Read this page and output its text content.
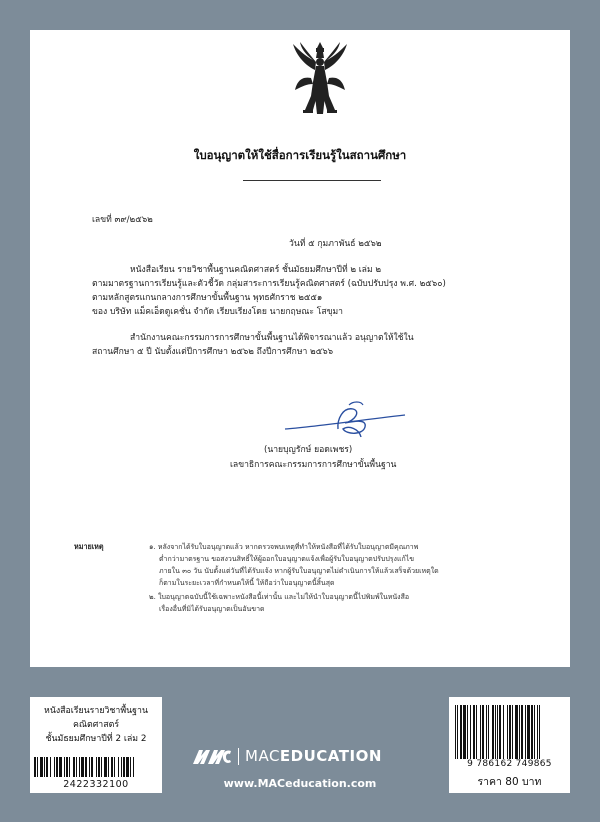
ใบอนุญาตให้ใช้สื่อการเรียนรู้ในสถานศึกษา
เลขที่ ๓๙/๒๕๖๒
วันที่ ๕ กุมภาพันธ์ ๒๕๖๒
หนังสือเรียน รายวิชาพื้นฐานคณิตศาสตร์ ชั้นมัธยมศึกษาปีที่ ๒ เล่ม ๒
ตามมาตรฐานการเรียนรู้และตัวชี้วัด กลุ่มสาระการเรียนรู้คณิตศาสตร์ (ฉบับปรับปรุง พ.ศ. ๒๕๖๐)
ตามหลักสูตรแกนกลางการศึกษาขั้นพื้นฐาน พุทธศักราช ๒๕๕๑
ของ บริษัท แม็คเอ็ดดูเคชั่น จำกัด เรียบเรียงโดย นายกฤษณะ โสขุมา
สำนักงานคณะกรรมการการศึกษาขั้นพื้นฐานได้พิจารณาแล้ว อนุญาตให้ใช้ใน
สถานศึกษา ๕ ปี นับตั้งแต่ปีการศึกษา ๒๕๖๒ ถึงปีการศึกษา ๒๕๖๖
(นายบุญรักษ์ ยอดเพชร)
เลขาธิการคณะกรรมการการศึกษาขั้นพื้นฐาน
หมายเหตุ	๑. หลังจากได้รับใบอนุญาตแล้ว หากตรวจพบเหตุที่ทำให้หนังสือที่ได้รับใบอนุญาตมีคุณภาพ
ต่ำกว่ามาตรฐาน ขอสงวนสิทธิ์ให้ผู้ออกใบอนุญาตแจ้งเพื่อผู้รับใบอนุญาตปรับปรุงแก้ไข
ภายใน ๓๐ วัน นับตั้งแต่วันที่ได้รับแจ้ง หากผู้รับใบอนุญาตไม่ดำเนินการให้แล้วเสร็จด้วยเหตุใด
ก็ตามในระยะเวลาที่กำหนดให้นี้ ให้ถือว่าใบอนุญาตนี้สิ้นสุด
๒. ใบอนุญาตฉบับนี้ใช้เฉพาะหนังสือนี้เท่านั้น และไม่ให้นำใบอนุญาตนี้ไปพิมพ์ในหนังสือ
เรื่องอื่นที่มิได้รับอนุญาตเป็นอันขาด
หนังสือเรียนรายวิชาพื้นฐาน
คณิตศาสตร์
ชั้นมัธยมศึกษาปีที่ 2 เล่ม 2
2422332100
MACEDUCATION
www.MACeducation.com
9 786162 749865
ราคา 80 บาท
